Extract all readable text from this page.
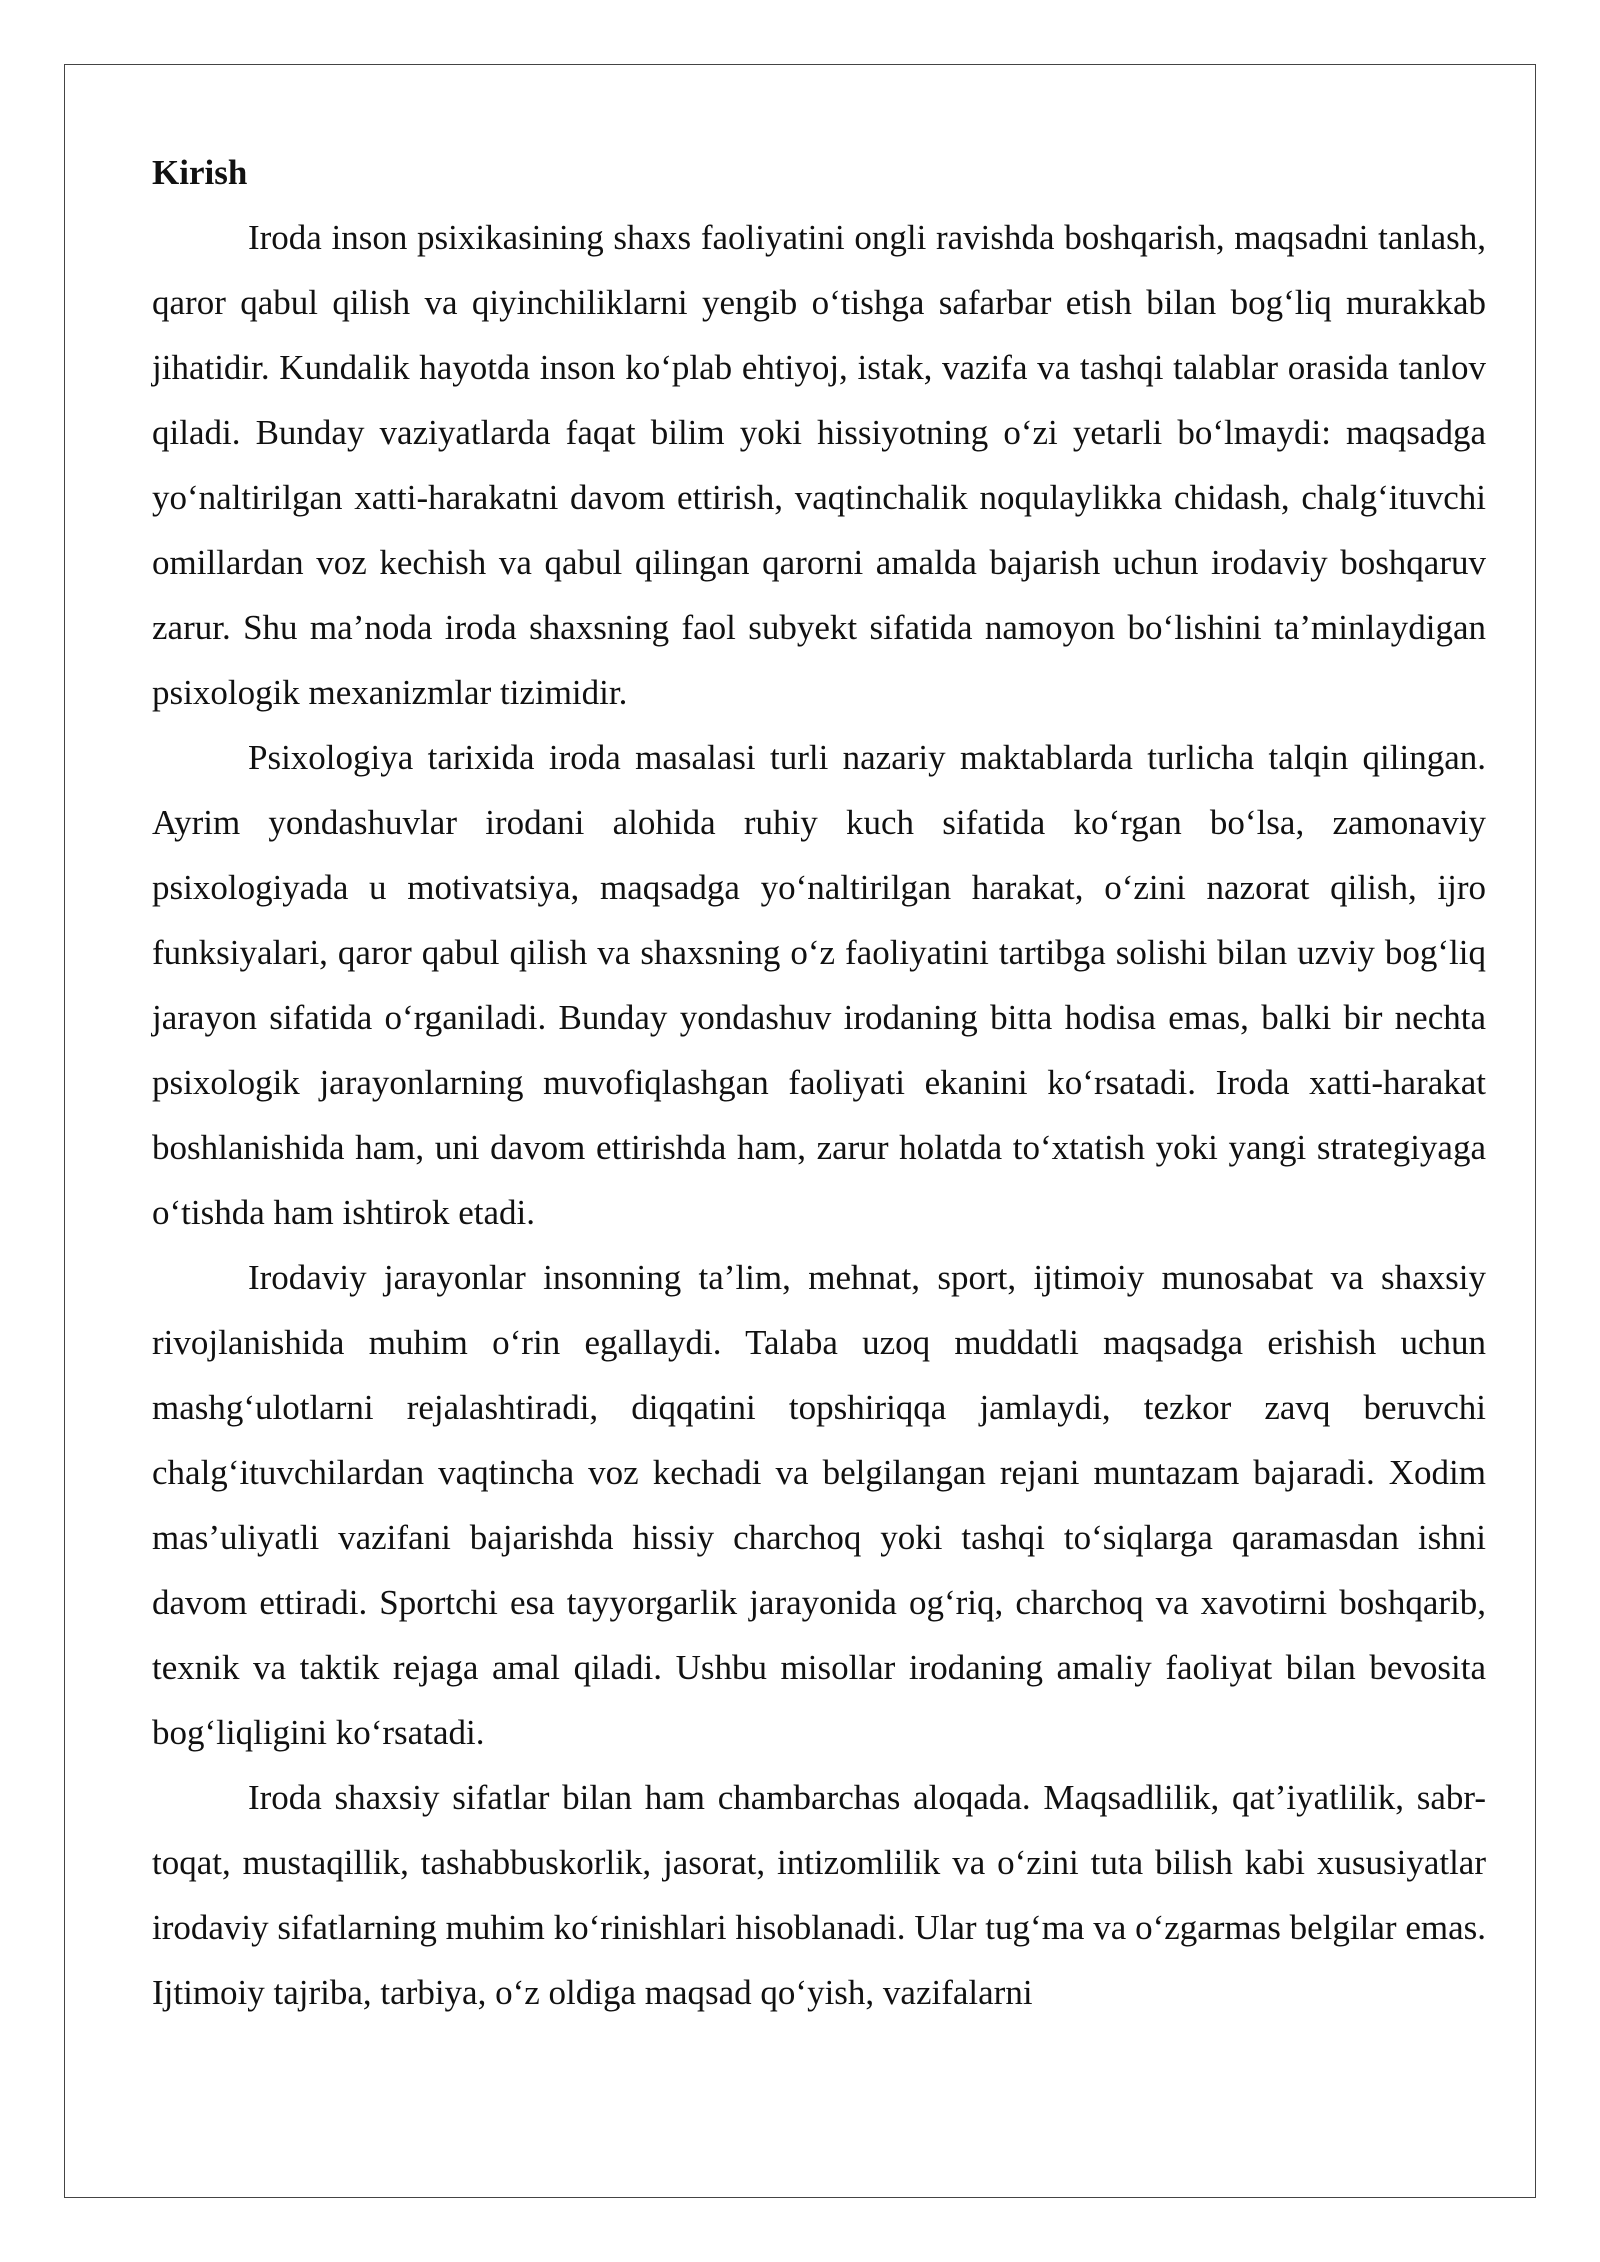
Kirish

Iroda inson psixikasining shaxs faoliyatini ongli ravishda boshqarish, maqsadni tanlash, qaror qabul qilish va qiyinchiliklarni yengib o‘tishga safarbar etish bilan bog‘liq murakkab jihatidir. Kundalik hayotda inson ko‘plab ehtiyoj, istak, vazifa va tashqi talablar orasida tanlov qiladi. Bunday vaziyatlarda faqat bilim yoki hissiyotning o‘zi yetarli bo‘lmaydi: maqsadga yo‘naltirilgan xatti-harakatni davom ettirish, vaqtinchalik noqulaylikka chidash, chalg‘ituvchi omillardan voz kechish va qabul qilingan qarorni amalda bajarish uchun irodaviy boshqaruv zarur. Shu ma’noda iroda shaxsning faol subyekt sifatida namoyon bo‘lishini ta’minlaydigan psixologik mexanizmlar tizimidir.

Psixologiya tarixida iroda masalasi turli nazariy maktablarda turlicha talqin qilingan. Ayrim yondashuvlar irodani alohida ruhiy kuch sifatida ko‘rgan bo‘lsa, zamonaviy psixologiyada u motivatsiya, maqsadga yo‘naltirilgan harakat, o‘zini nazorat qilish, ijro funksiyalari, qaror qabul qilish va shaxsning o‘z faoliyatini tartibga solishi bilan uzviy bog‘liq jarayon sifatida o‘rganiladi. Bunday yondashuv irodaning bitta hodisa emas, balki bir nechta psixologik jarayonlarning muvofiqlashgan faoliyati ekanini ko‘rsatadi. Iroda xatti-harakat boshlanishida ham, uni davom ettirishda ham, zarur holatda to‘xtatish yoki yangi strategiyaga o‘tishda ham ishtirok etadi.

Irodaviy jarayonlar insonning ta’lim, mehnat, sport, ijtimoiy munosabat va shaxsiy rivojlanishida muhim o‘rin egallaydi. Talaba uzoq muddatli maqsadga erishish uchun mashg‘ulotlarni rejalashtiradi, diqqatini topshiriqqa jamlaydi, tezkor zavq beruvchi chalg‘ituvchilardan vaqtincha voz kechadi va belgilangan rejani muntazam bajaradi. Xodim mas’uliyatli vazifani bajarishda hissiy charchoq yoki tashqi to‘siqlarga qaramasdan ishni davom ettiradi. Sportchi esa tayyorgarlik jarayonida og‘riq, charchoq va xavotirni boshqarib, texnik va taktik rejaga amal qiladi. Ushbu misollar irodaning amaliy faoliyat bilan bevosita bog‘liqligini ko‘rsatadi.

Iroda shaxsiy sifatlar bilan ham chambarchas aloqada. Maqsadlilik, qat’iyatlilik, sabr-toqat, mustaqillik, tashabbuskorlik, jasorat, intizomlilik va o‘zini tuta bilish kabi xususiyatlar irodaviy sifatlarning muhim ko‘rinishlari hisoblanadi. Ular tug‘ma va o‘zgarmas belgilar emas. Ijtimoiy tajriba, tarbiya, o‘z oldiga maqsad qo‘yish, vazifalarni
